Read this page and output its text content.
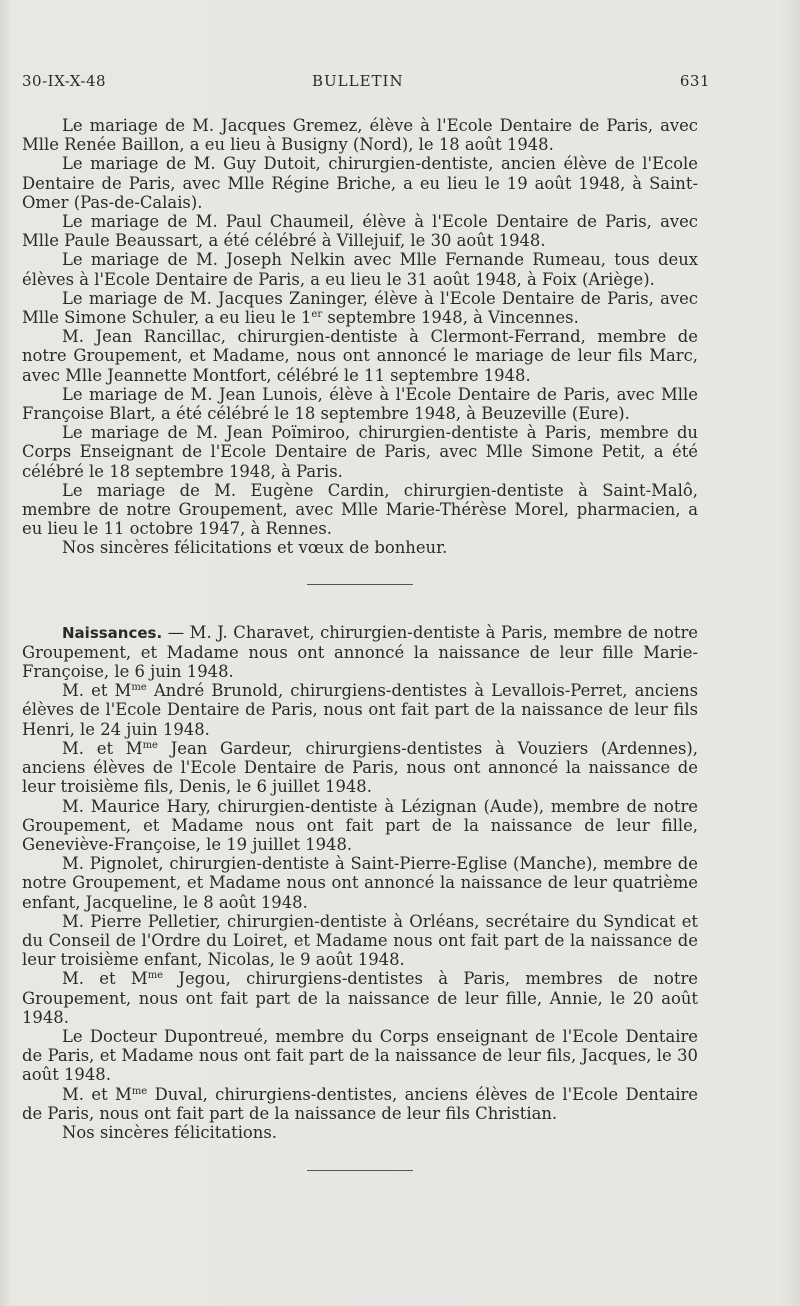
30-IX-X-48	BULLETIN	631

Le mariage de M. Jacques Gremez, élève à l'Ecole Dentaire de Paris, avec Mlle Renée Baillon, a eu lieu à Busigny (Nord), le 18 août 1948.

Le mariage de M. Guy Dutoit, chirurgien-dentiste, ancien élève de l'Ecole Dentaire de Paris, avec Mlle Régine Briche, a eu lieu le 19 août 1948, à Saint-Omer (Pas-de-Calais).

Le mariage de M. Paul Chaumeil, élève à l'Ecole Dentaire de Paris, avec Mlle Paule Beaussart, a été célébré à Villejuif, le 30 août 1948.

Le mariage de M. Joseph Nelkin avec Mlle Fernande Rumeau, tous deux élèves à l'Ecole Dentaire de Paris, a eu lieu le 31 août 1948, à Foix (Ariège).

Le mariage de M. Jacques Zaninger, élève à l'Ecole Dentaire de Paris, avec Mlle Simone Schuler, a eu lieu le 1er septembre 1948, à Vincennes.

M. Jean Rancillac, chirurgien-dentiste à Clermont-Ferrand, membre de notre Groupement, et Madame, nous ont annoncé le mariage de leur fils Marc, avec Mlle Jeannette Montfort, célébré le 11 septembre 1948.

Le mariage de M. Jean Lunois, élève à l'Ecole Dentaire de Paris, avec Mlle Françoise Blart, a été célébré le 18 septembre 1948, à Beuzeville (Eure).

Le mariage de M. Jean Poïmiroo, chirurgien-dentiste à Paris, membre du Corps Enseignant de l'Ecole Dentaire de Paris, avec Mlle Simone Petit, a été célébré le 18 septembre 1948, à Paris.

Le mariage de M. Eugène Cardin, chirurgien-dentiste à Saint-Malô, membre de notre Groupement, avec Mlle Marie-Thérèse Morel, pharmacien, a eu lieu le 11 octobre 1947, à Rennes.

Nos sincères félicitations et vœux de bonheur.

Naissances. — M. J. Charavet, chirurgien-dentiste à Paris, membre de notre Groupement, et Madame nous ont annoncé la naissance de leur fille Marie-Françoise, le 6 juin 1948.

M. et $M^{me}$ André Brunold, chirurgiens-dentistes à Levallois-Perret, anciens élèves de l'Ecole Dentaire de Paris, nous ont fait part de la naissance de leur fils Henri, le 24 juin 1948.

M. et $M^{me}$ Jean Gardeur, chirurgiens-dentistes à Vouziers (Ardennes), anciens élèves de l'Ecole Dentaire de Paris, nous ont annoncé la naissance de leur troisième fils, Denis, le 6 juillet 1948.

M. Maurice Hary, chirurgien-dentiste à Lézignan (Aude), membre de notre Groupement, et Madame nous ont fait part de la naissance de leur fille, Geneviève-Françoise, le 19 juillet 1948.

M. Pignolet, chirurgien-dentiste à Saint-Pierre-Eglise (Manche), membre de notre Groupement, et Madame nous ont annoncé la naissance de leur quatrième enfant, Jacqueline, le 8 août 1948.

M. Pierre Pelletier, chirurgien-dentiste à Orléans, secrétaire du Syndicat et du Conseil de l'Ordre du Loiret, et Madame nous ont fait part de la naissance de leur troisième enfant, Nicolas, le 9 août 1948.

M. et $M^{me}$ Jegou, chirurgiens-dentistes à Paris, membres de notre Groupement, nous ont fait part de la naissance de leur fille, Annie, le 20 août 1948.

Le Docteur Dupontreué, membre du Corps enseignant de l'Ecole Dentaire de Paris, et Madame nous ont fait part de la naissance de leur fils, Jacques, le 30 août 1948.

M. et $M^{me}$ Duval, chirurgiens-dentistes, anciens élèves de l'Ecole Dentaire de Paris, nous ont fait part de la naissance de leur fils Christian.

Nos sincères félicitations.
